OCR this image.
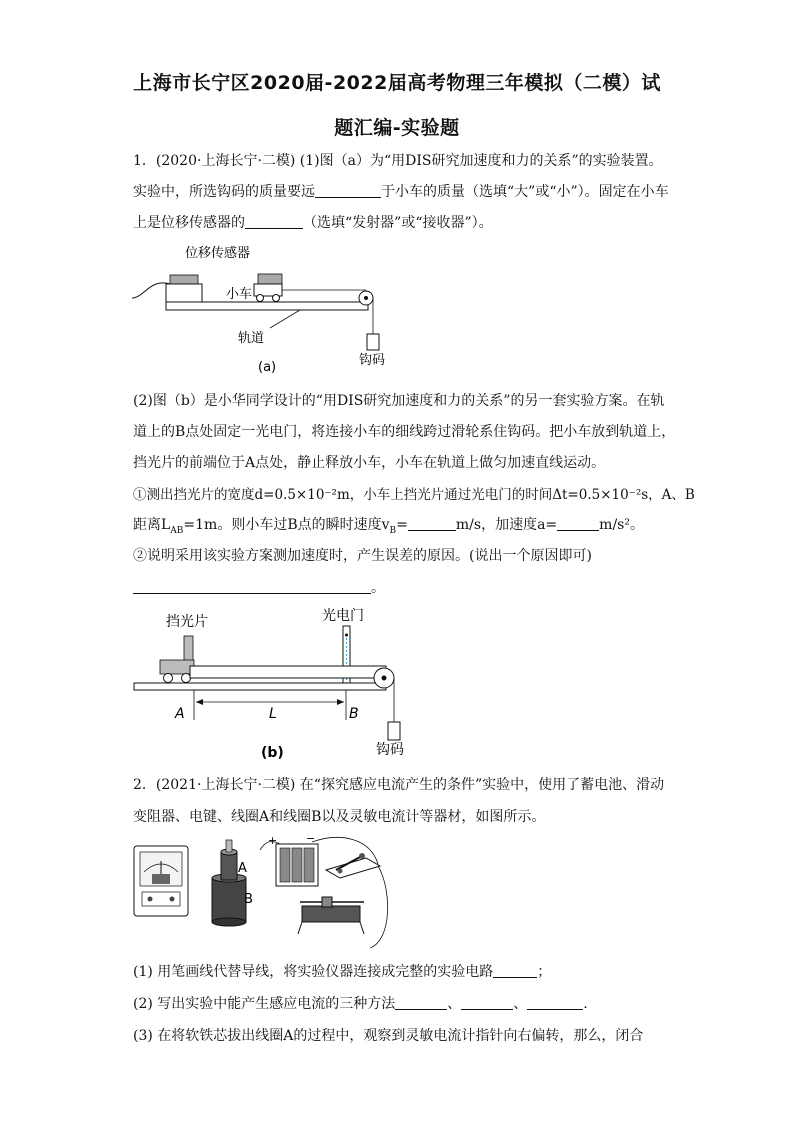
上海市长宁区2020届-2022届高考物理三年模拟（二模）试
题汇编-实验题
1．(2020·上海长宁·二模) (1)图（a）为“用DIS研究加速度和力的关系”的实验装置。
实验中，所选钩码的质量要远	于小车的质量（选填“大”或“小”）。固定在小车
上是位移传感器的	（选填“发射器”或“接收器”）。
位移传感器
小车
钩码
轨道
(a)
(2)图（b）是小华同学设计的“用DIS研究加速度和力的关系”的另一套实验方案。在轨
道上的B点处固定一光电门，将连接小车的细线跨过滑轮系住钩码。把小车放到轨道上，
挡光片的前端位于A点处，静止释放小车，小车在轨道上做匀加速直线运动。
①测出挡光片的宽度d=0.5×10⁻²m，小车上挡光片通过光电门的时间Δt=0.5×10⁻²s，A、B
距离$L_{AB}=1m$。则小车过B点的瞬时速度$v_B=$	m/s，加速度a=	m/s²。
②说明采用该实验方案测加速度时，产生误差的原因。(说出一个原因即可)
。
挡光片	光电门
钩码
A	L	B
(b)
2．(2021·上海长宁·二模) 在“探究感应电流产生的条件”实验中，使用了蓄电池、滑动
变阻器、电键、线圈A和线圈B以及灵敏电流计等器材，如图所示。
A
B
+	−
(1) 用笔画线代替导线，将实验仪器连接成完整的实验电路	；
(2) 写出实验中能产生感应电流的三种方法	、	、	.
(3) 在将软铁芯拔出线圈A的过程中，观察到灵敏电流计指针向右偏转，那么，闭合
